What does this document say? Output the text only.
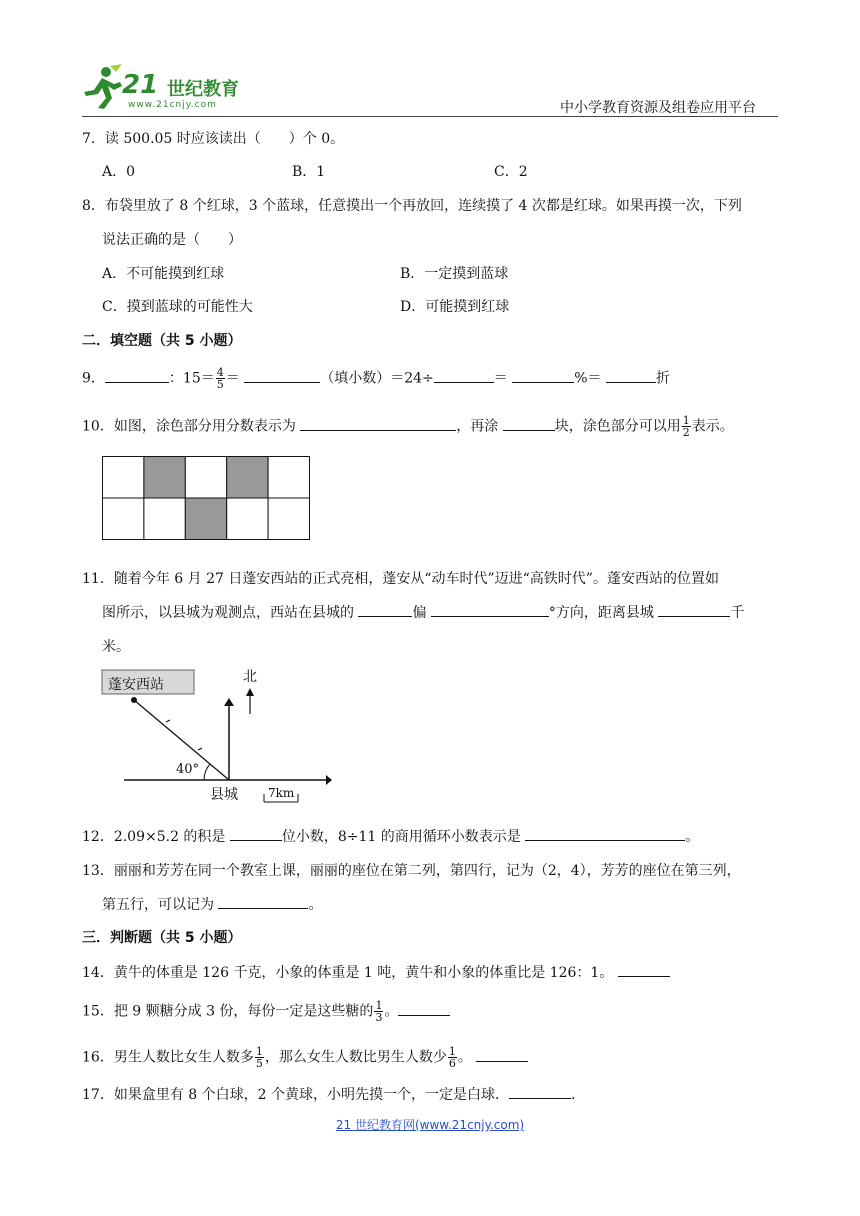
21 世纪教育
www.21cnjy.com	中小学教育资源及组卷应用平台
7．读 500.05 时应该读出（　　）个 0。
A．0	B．1	C．2
8．布袋里放了 8 个红球，3 个蓝球，任意摸出一个再放回，连续摸了 4 次都是红球。如果再摸一次，下列
说法正确的是（　　）
A．不可能摸到红球	B．一定摸到蓝球
C．摸到蓝球的可能性大	D．可能摸到红球
二．填空题（共 5 小题）
9．	：$15= \frac{4}{5}$ ＝	（填小数）＝24÷	＝	%＝	折
10．如图，涂色部分用分数表示为	，再涂	块，涂色部分可以用 $\frac{1}{2}$ 表示。
11．随着今年 6 月 27 日蓬安西站的正式亮相，蓬安从“动车时代”迈进“高铁时代”。蓬安西站的位置如
图所示，以县城为观测点，西站在县城的	偏	°方向，距离县城	千
米。
蓬安西站	北
40°
县城	7km
12．2.09×5.2 的积是	位小数，8÷11 的商用循环小数表示是	。
13．丽丽和芳芳在同一个教室上课，丽丽的座位在第二列，第四行，记为（2，4），芳芳的座位在第三列，
第五行，可以记为	。
三．判断题（共 5 小题）
14．黄牛的体重是 126 千克，小象的体重是 1 吨，黄牛和小象的体重比是 126：1。
15．把 9 颗糖分成 3 份，每份一定是这些糖的 $\frac{1}{3}$ 。
16．男生人数比女生人数多 $\frac{1}{5}$ ，那么女生人数比男生人数少 $\frac{1}{6}$ 。
17．如果盒里有 8 个白球，2 个黄球，小明先摸一个，一定是白球．	.
21 世纪教育网(www.21cnjy.com)
